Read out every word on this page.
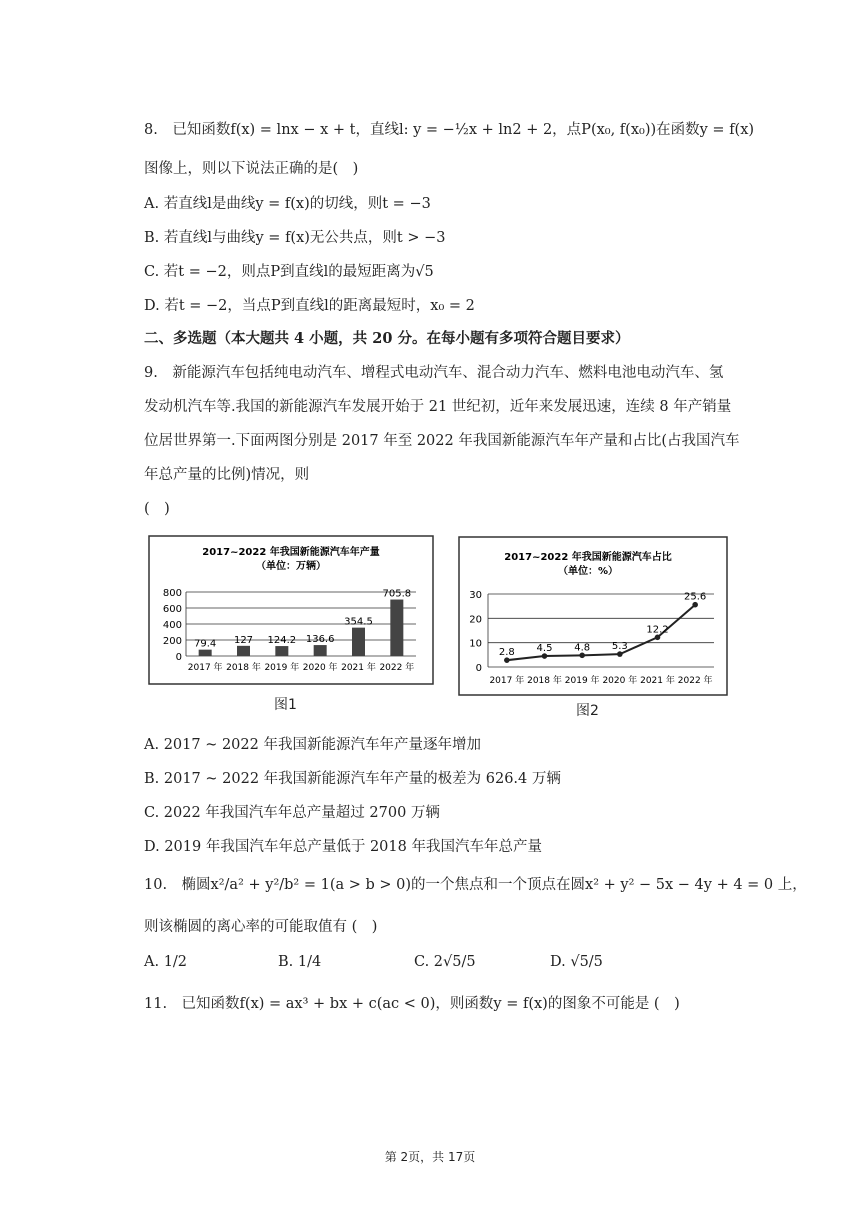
8.　已知函数f(x) = lnx − x + t，直线l: y = −½x + ln2 + 2，点P(x₀, f(x₀))在函数y = f(x)
图像上，则以下说法正确的是(　)
A. 若直线l是曲线y = f(x)的切线，则t = −3
B. 若直线l与曲线y = f(x)无公共点，则t > −3
C. 若t = −2，则点P到直线l的最短距离为√5
D. 若t = −2，当点P到直线l的距离最短时，x₀ = 2
二、多选题（本大题共 4 小题，共 20 分。在每小题有多项符合题目要求）
9.　新能源汽车包括纯电动汽车、增程式电动汽车、混合动力汽车、燃料电池电动汽车、氢
发动机汽车等.我国的新能源汽车发展开始于 21 世纪初，近年来发展迅速，连续 8 年产销量
位居世界第一.下面两图分别是 2017 年至 2022 年我国新能源汽车年产量和占比(占我国汽车
年总产量的比例)情况，则
(　)
2017~2022 年我国新能源汽车年产量
（单位：万辆）
0
200
400
600
800
79.4
2017 年
127
2018 年
124.2
2019 年
136.6
2020 年
354.5
2021 年
705.8
2022 年
图1
2017~2022 年我国新能源汽车占比
（单位：%）
0
10
20
30
2.8
2017 年
4.5
2018 年
4.8
2019 年
5.3
2020 年
12.2
2021 年
25.6
2022 年
图2
A. 2017 ~ 2022 年我国新能源汽车年产量逐年增加
B. 2017 ~ 2022 年我国新能源汽车年产量的极差为 626.4 万辆
C. 2022 年我国汽车年总产量超过 2700 万辆
D. 2019 年我国汽车年总产量低于 2018 年我国汽车年总产量
10.　椭圆x²/a² + y²/b² = 1(a > b > 0)的一个焦点和一个顶点在圆x² + y² − 5x − 4y + 4 = 0 上，
则该椭圆的离心率的可能取值有 (　)
A. 1/2	B. 1/4	C. 2√5/5	D. √5/5
11.　已知函数f(x) = ax³ + bx + c(ac < 0)，则函数y = f(x)的图象不可能是 (　)
第 2页，共 17页
